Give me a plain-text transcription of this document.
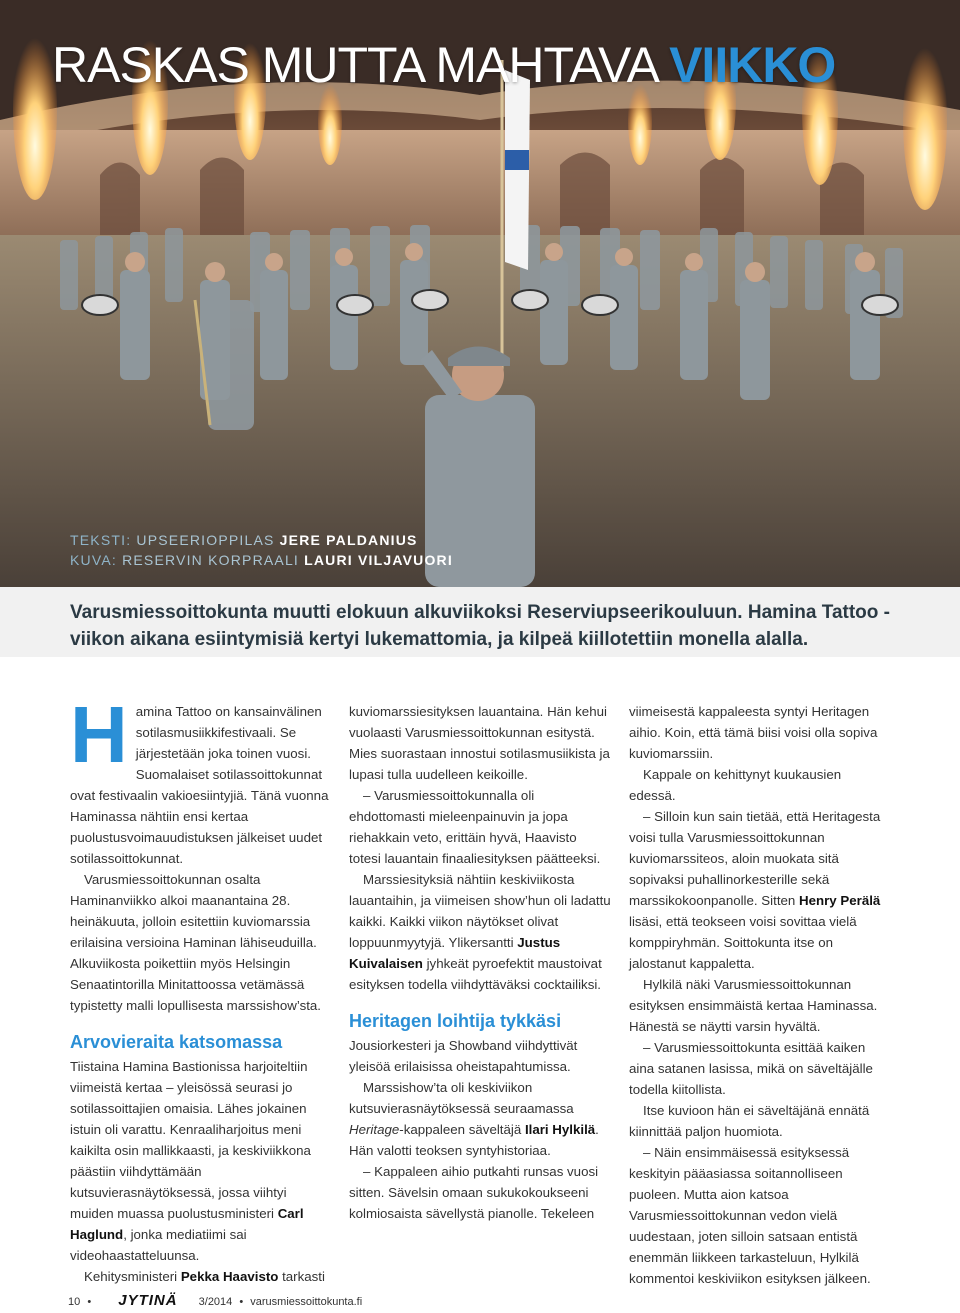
RASKAS MUTTA MAHTAVA VIIKKO
TEKSTI: UPSEERIOPPILAS JERE PALDANIUS
KUVA: RESERVIN KORPRAALI LAURI VILJAVUORI

Varusmiessoittokunta muutti elokuun alkuviikoksi Reserviupseerikouluun. Hamina Tattoo -viikon aikana esiintymisiä kertyi lukemattomia, ja kilpeä kiillotettiin monella alalla.

Hamina Tattoo on kansainvälinen sotilasmusiikkifestivaali. Se järjestetään joka toinen vuosi. Suomalaiset sotilassoittokunnat ovat festivaalin vakioesiintyjiä. Tänä vuonna Haminassa nähtiin ensi kertaa puolustusvoimauudistuksen jälkeiset uudet sotilassoittokunnat.

Varusmiessoittokunnan osalta Haminanviikko alkoi maanantaina 28. heinäkuuta, jolloin esitettiin kuviomarssia erilaisina versioina Haminan lähiseuduilla. Alkuviikosta poikettiin myös Helsingin Senaatintorilla Minitattoossa vetämässä typistetty malli lopullisesta marssishow’sta.

Arvovieraita katsomassa

Tiistaina Hamina Bastionissa harjoiteltiin viimeistä kertaa – yleisössä seurasi jo sotilassoittajien omaisia. Lähes jokainen istuin oli varattu. Kenraaliharjoitus meni kaikilta osin mallikkaasti, ja keskiviikkona päästiin viihdyttämään kutsuvierasnäytöksessä, jossa viihtyi muiden muassa puolustusministeri Carl Haglund, jonka mediatiimi sai videohaastatteluunsa.

Kehitysministeri Pekka Haavisto tarkasti

kuviomarssiesityksen lauantaina. Hän kehui vuolaasti Varusmiessoittokunnan esitystä. Mies suorastaan innostui sotilasmusiikista ja lupasi tulla uudelleen keikoille.

– Varusmiessoittokunnalla oli ehdottomasti mieleenpainuvin ja jopa riehakkain veto, erittäin hyvä, Haavisto totesi lauantain finaaliesityksen päätteeksi.

Marssiesityksiä nähtiin keskiviikosta lauantaihin, ja viimeisen show’hun oli ladattu kaikki. Kaikki viikon näytökset olivat loppuunmyytyjä. Ylikersantti Justus Kuivalaisen jyhkeät pyroefektit maustoivat esityksen todella viihdyttäväksi cocktailiksi.

Heritagen loihtija tykkäsi

Jousiorkesteri ja Showband viihdyttivät yleisöä erilaisissa oheistapahtumissa.

Marssishow’ta oli keskiviikon kutsuvierasnäytöksessä seuraamassa Heritage-kappaleen säveltäjä Ilari Hylkilä. Hän valotti teoksen syntyhistoriaa.

– Kappaleen aihio putkahti runsas vuosi sitten. Sävelsin omaan sukukokoukseeni kolmiosaista sävellystä pianolle. Tekeleen

viimeisestä kappaleesta syntyi Heritagen aihio. Koin, että tämä biisi voisi olla sopiva kuviomarssiin.

Kappale on kehittynyt kuukausien edessä.

– Silloin kun sain tietää, että Heritagesta voisi tulla Varusmiessoittokunnan kuviomarssiteos, aloin muokata sitä sopivaksi puhallinorkesterille sekä marssikokoonpanolle. Sitten Henry Perälä lisäsi, että teokseen voisi sovittaa vielä komppiryhmän. Soittokunta itse on jalostanut kappaletta.

Hylkilä näki Varusmiessoittokunnan esityksen ensimmäistä kertaa Haminassa. Hänestä se näytti varsin hyvältä.

– Varusmiessoittokunta esittää kaiken aina satanen lasissa, mikä on säveltäjälle todella kiitollista.

Itse kuvioon hän ei säveltäjänä ennätä kiinnittää paljon huomiota.

– Näin ensimmäisessä esityksessä keskityin pääasiassa soitannolliseen puoleen. Mutta aion katsoa Varusmiessoittokunnan vedon vielä uudestaan, joten silloin satsaan entistä enemmän liikkeen tarkasteluun, Hylkilä kommentoi keskiviikon esityksen jälkeen.

10 • JYTINÄ 3/2014 • varusmiessoittokunta.fi
